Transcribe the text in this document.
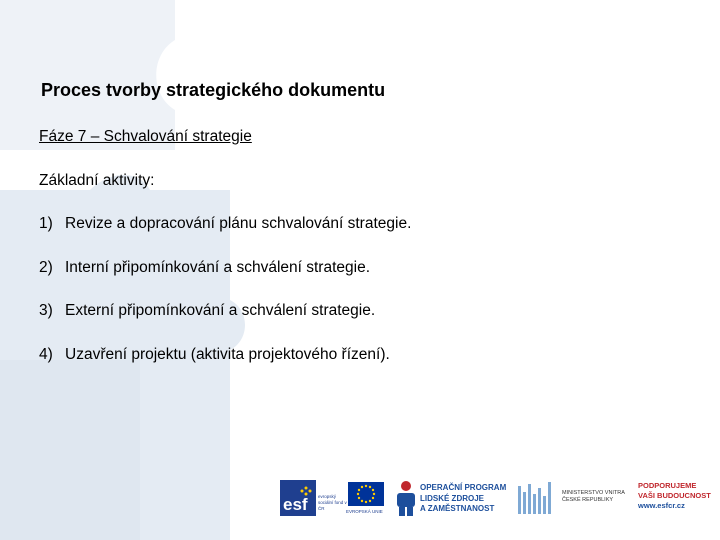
Proces tvorby strategického dokumentu
Fáze 7 – Schvalování strategie
Základní aktivity:
1) Revize a dopracování plánu schvalování strategie.
2) Interní připomínkování a schválení strategie.
3) Externí připomínkování a schválení strategie.
4) Uzavření projektu (aktivita projektového řízení).
esf evropský sociální fond v ČR
EVROPSKÁ UNIE
OPERAČNÍ PROGRAM
LIDSKÉ ZDROJE
A ZAMĚSTNANOST
MINISTERSTVO VNITRA
ČESKÉ REPUBLIKY
PODPORUJEME
VAŠI BUDOUCNOST
www.esfcr.cz
